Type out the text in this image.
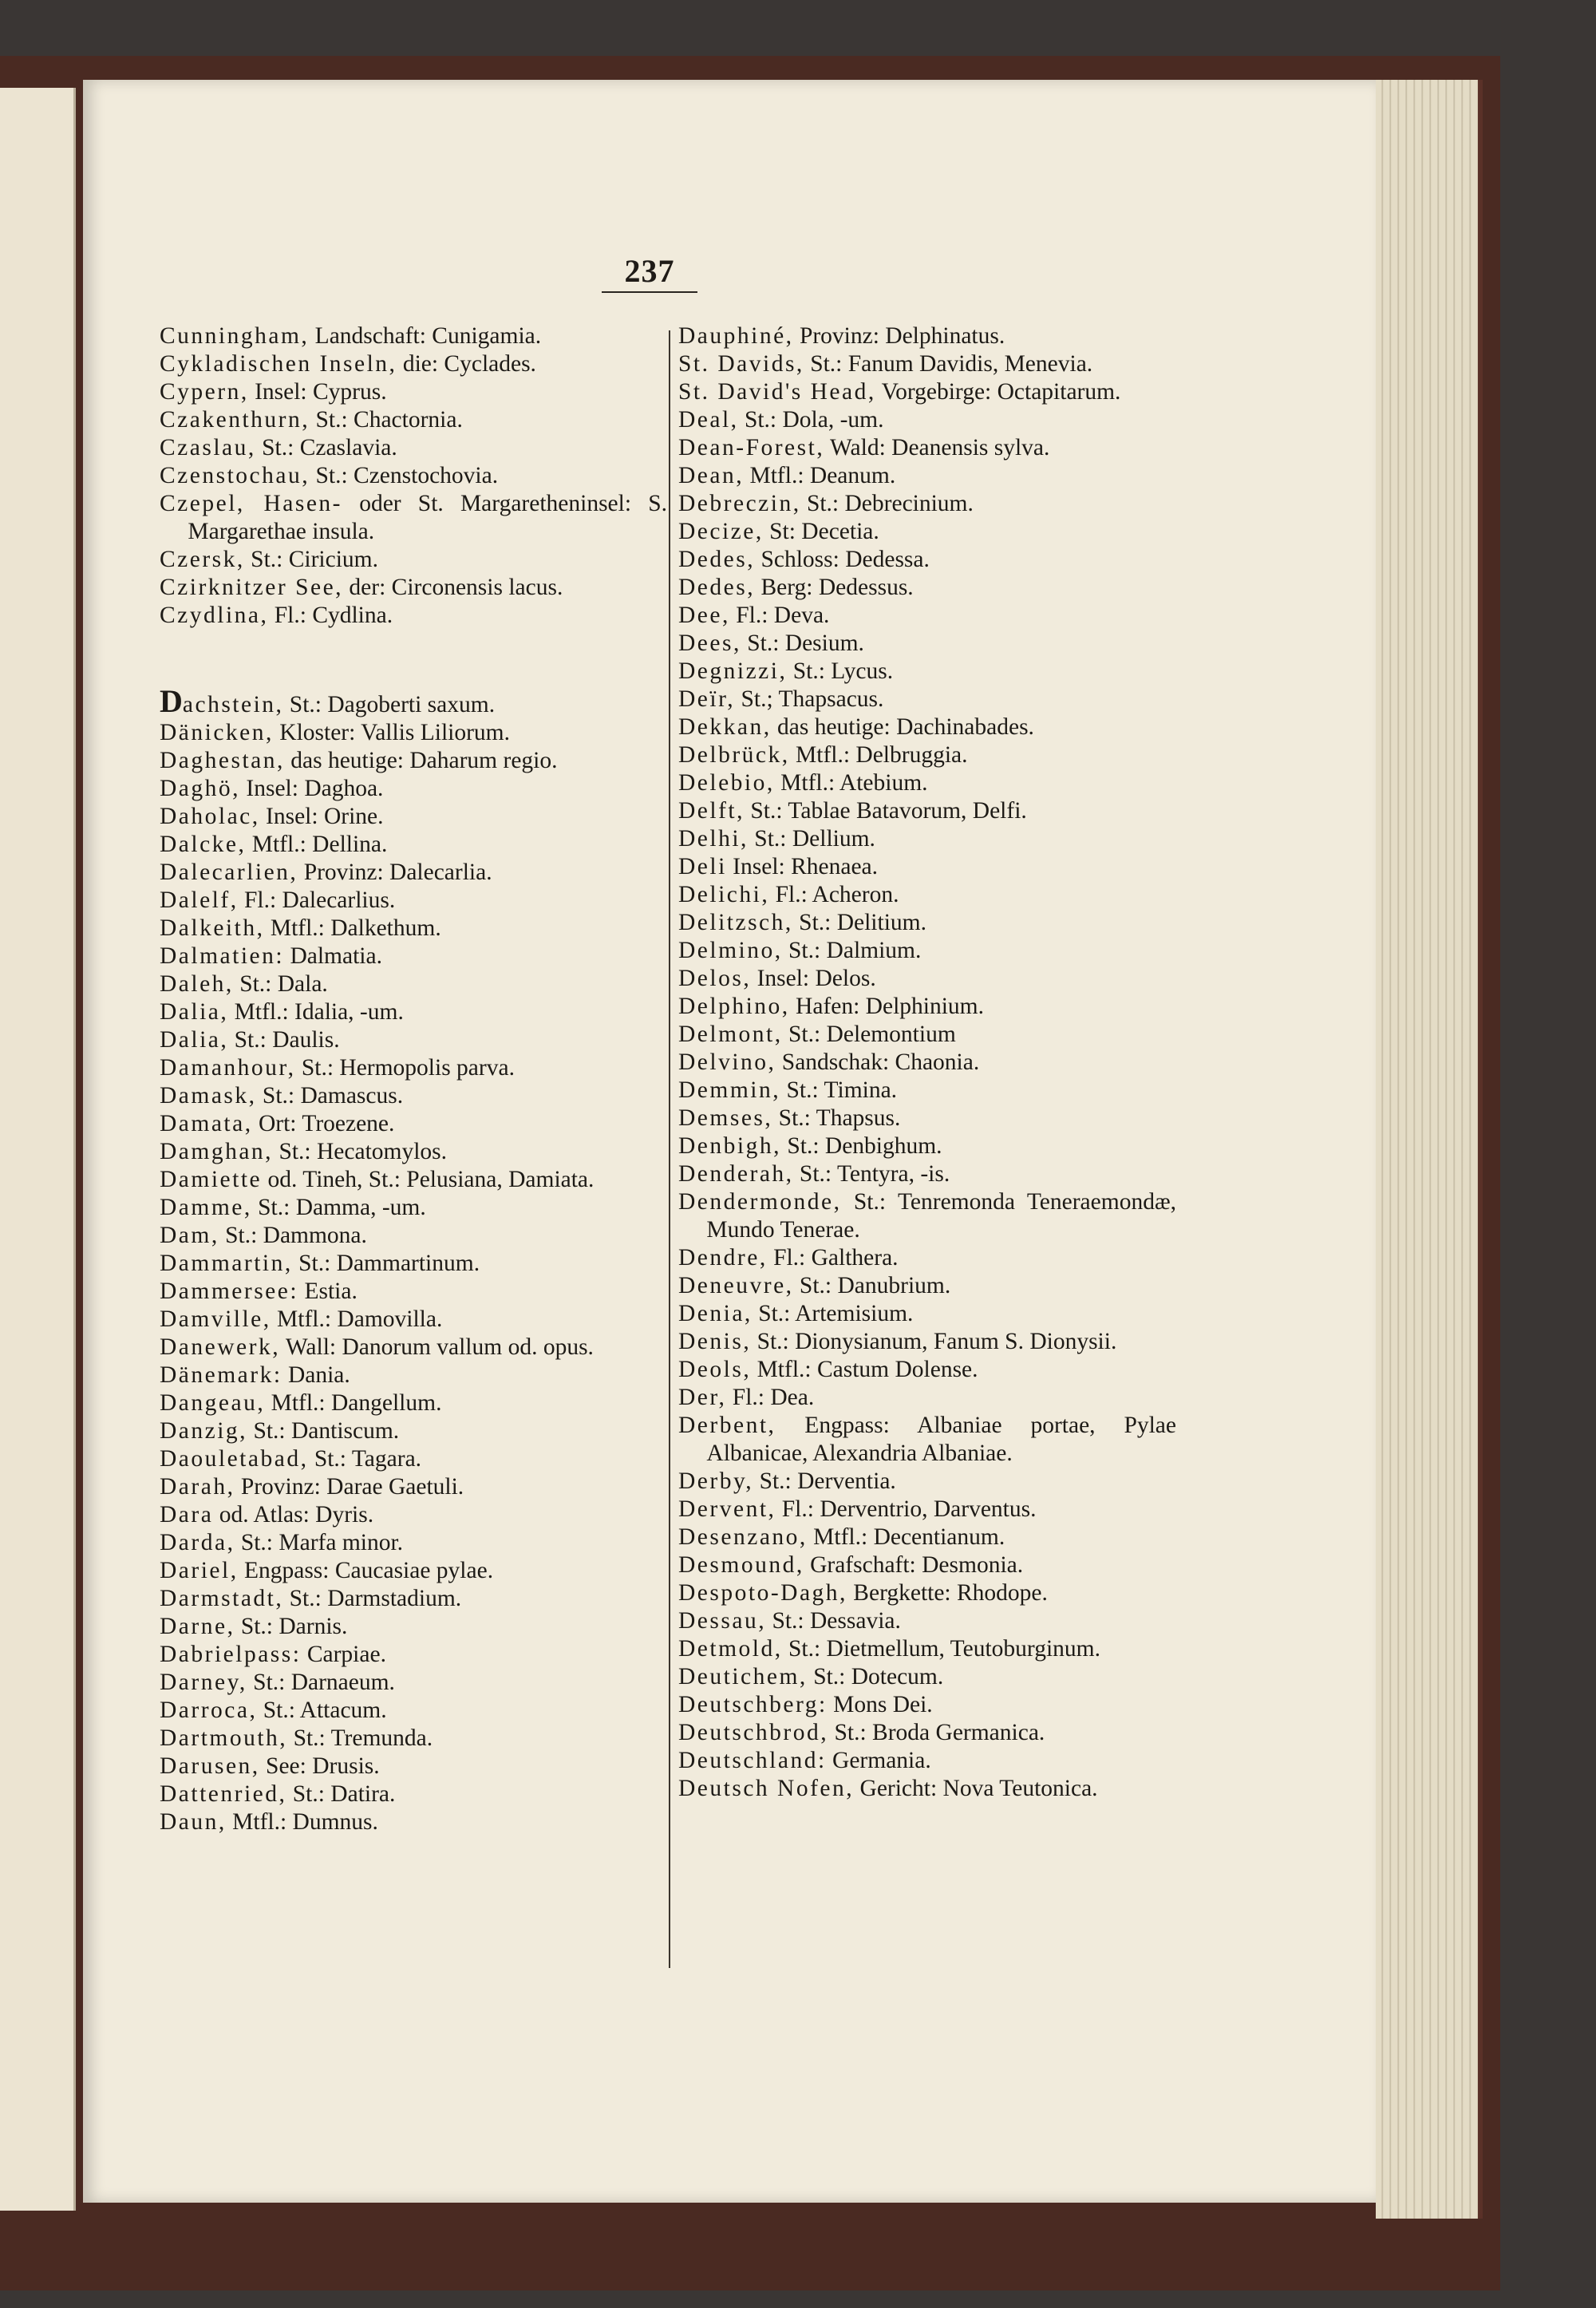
237

Cunningham, Landschaft: Cunigamia.

Cykladischen Inseln, die: Cyclades.

Cypern, Insel: Cyprus.

Czakenthurn, St.: Chactornia.

Czaslau, St.: Czaslavia.

Czenstochau, St.: Czenstochovia.

Czepel, Hasen- oder St. Margaretheninsel: S. Margarethae insula.

Czersk, St.: Ciricium.

Czirknitzer See, der: Circonensis lacus.

Czydlina, Fl.: Cydlina.

Dachstein, St.: Dagoberti saxum.

Dänicken, Kloster: Vallis Liliorum.

Daghestan, das heutige: Daharum regio.

Daghö, Insel: Daghoa.

Daholac, Insel: Orine.

Dalcke, Mtfl.: Dellina.

Dalecarlien, Provinz: Dalecarlia.

Dalelf, Fl.: Dalecarlius.

Dalkeith, Mtfl.: Dalkethum.

Dalmatien: Dalmatia.

Daleh, St.: Dala.

Dalia, Mtfl.: Idalia, -um.

Dalia, St.: Daulis.

Damanhour, St.: Hermopolis parva.

Damask, St.: Damascus.

Damata, Ort: Troezene.

Damghan, St.: Hecatomylos.

Damiette od. Tineh, St.: Pelusiana, Damiata.

Damme, St.: Damma, -um.

Dam, St.: Dammona.

Dammartin, St.: Dammartinum.

Dammersee: Estia.

Damville, Mtfl.: Damovilla.

Danewerk, Wall: Danorum vallum od. opus.

Dänemark: Dania.

Dangeau, Mtfl.: Dangellum.

Danzig, St.: Dantiscum.

Daouletabad, St.: Tagara.

Darah, Provinz: Darae Gaetuli.

Dara od. Atlas: Dyris.

Darda, St.: Marfa minor.

Dariel, Engpass: Caucasiae pylae.

Darmstadt, St.: Darmstadium.

Darne, St.: Darnis.

Dabrielpass: Carpiae.

Darney, St.: Darnaeum.

Darroca, St.: Attacum.

Dartmouth, St.: Tremunda.

Darusen, See: Drusis.

Dattenried, St.: Datira.

Daun, Mtfl.: Dumnus.

Dauphiné, Provinz: Delphinatus.

St. Davids, St.: Fanum Davidis, Menevia.

St. David's Head, Vorgebirge: Octapitarum.

Deal, St.: Dola, -um.

Dean-Forest, Wald: Deanensis sylva.

Dean, Mtfl.: Deanum.

Debreczin, St.: Debrecinium.

Decize, St: Decetia.

Dedes, Schloss: Dedessa.

Dedes, Berg: Dedessus.

Dee, Fl.: Deva.

Dees, St.: Desium.

Degnizzi, St.: Lycus.

Deïr, St.; Thapsacus.

Dekkan, das heutige: Dachinabades.

Delbrück, Mtfl.: Delbruggia.

Delebio, Mtfl.: Atebium.

Delft, St.: Tablae Batavorum, Delfi.

Delhi, St.: Dellium.

Deli Insel: Rhenaea.

Delichi, Fl.: Acheron.

Delitzsch, St.: Delitium.

Delmino, St.: Dalmium.

Delos, Insel: Delos.

Delphino, Hafen: Delphinium.

Delmont, St.: Delemontium

Delvino, Sandschak: Chaonia.

Demmin, St.: Timina.

Demses, St.: Thapsus.

Denbigh, St.: Denbighum.

Denderah, St.: Tentyra, -is.

Dendermonde, St.: Tenremonda Teneraemondæ, Mundo Tenerae.

Dendre, Fl.: Galthera.

Deneuvre, St.: Danubrium.

Denia, St.: Artemisium.

Denis, St.: Dionysianum, Fanum S. Dionysii.

Deols, Mtfl.: Castum Dolense.

Der, Fl.: Dea.

Derbent, Engpass: Albaniae portae, Pylae Albanicae, Alexandria Albaniae.

Derby, St.: Derventia.

Dervent, Fl.: Derventrio, Darventus.

Desenzano, Mtfl.: Decentianum.

Desmound, Grafschaft: Desmonia.

Despoto-Dagh, Bergkette: Rhodope.

Dessau, St.: Dessavia.

Detmold, St.: Dietmellum, Teutoburginum.

Deutichem, St.: Dotecum.

Deutschberg: Mons Dei.

Deutschbrod, St.: Broda Germanica.

Deutschland: Germania.

Deutsch Nofen, Gericht: Nova Teutonica.
